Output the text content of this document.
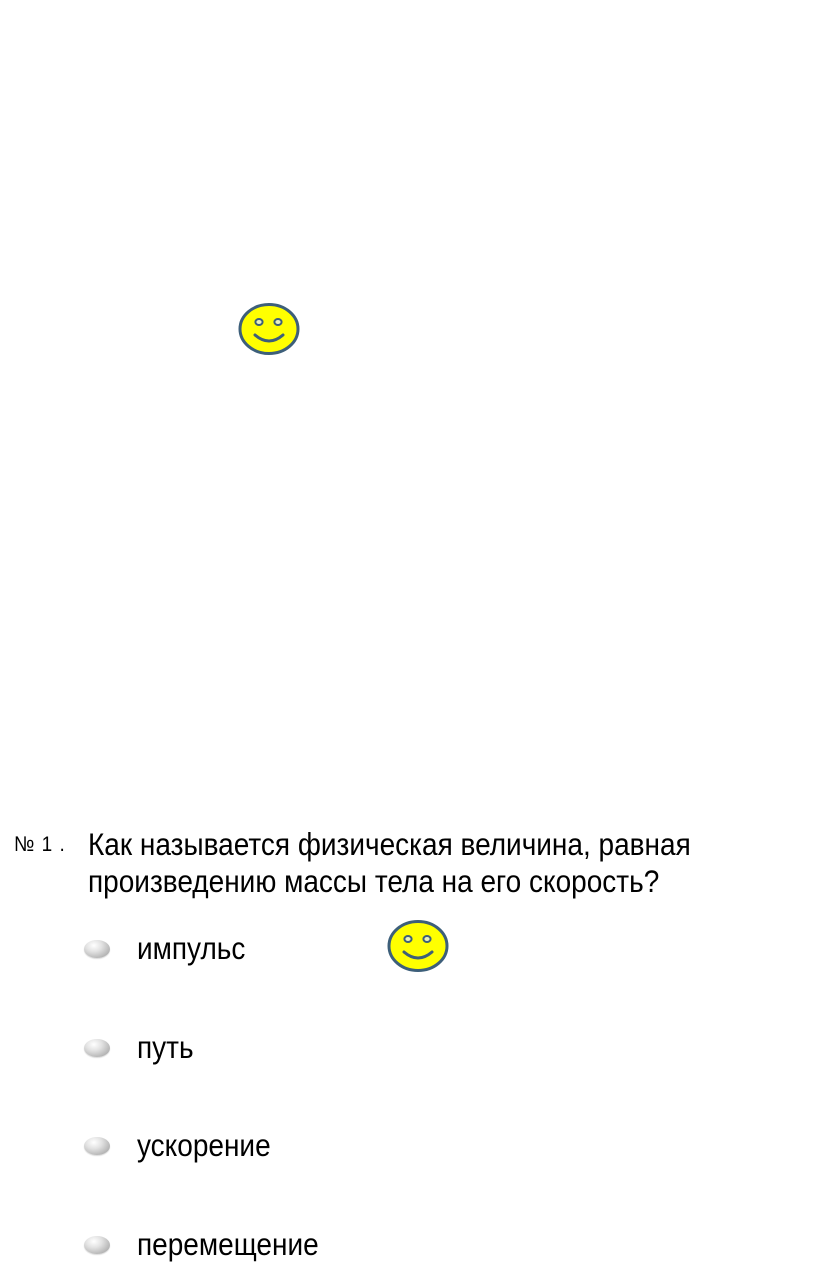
№ 1 . Как называется физическая величина, равная произведению массы тела на его скорость?
импульс
путь
ускорение
перемещение
